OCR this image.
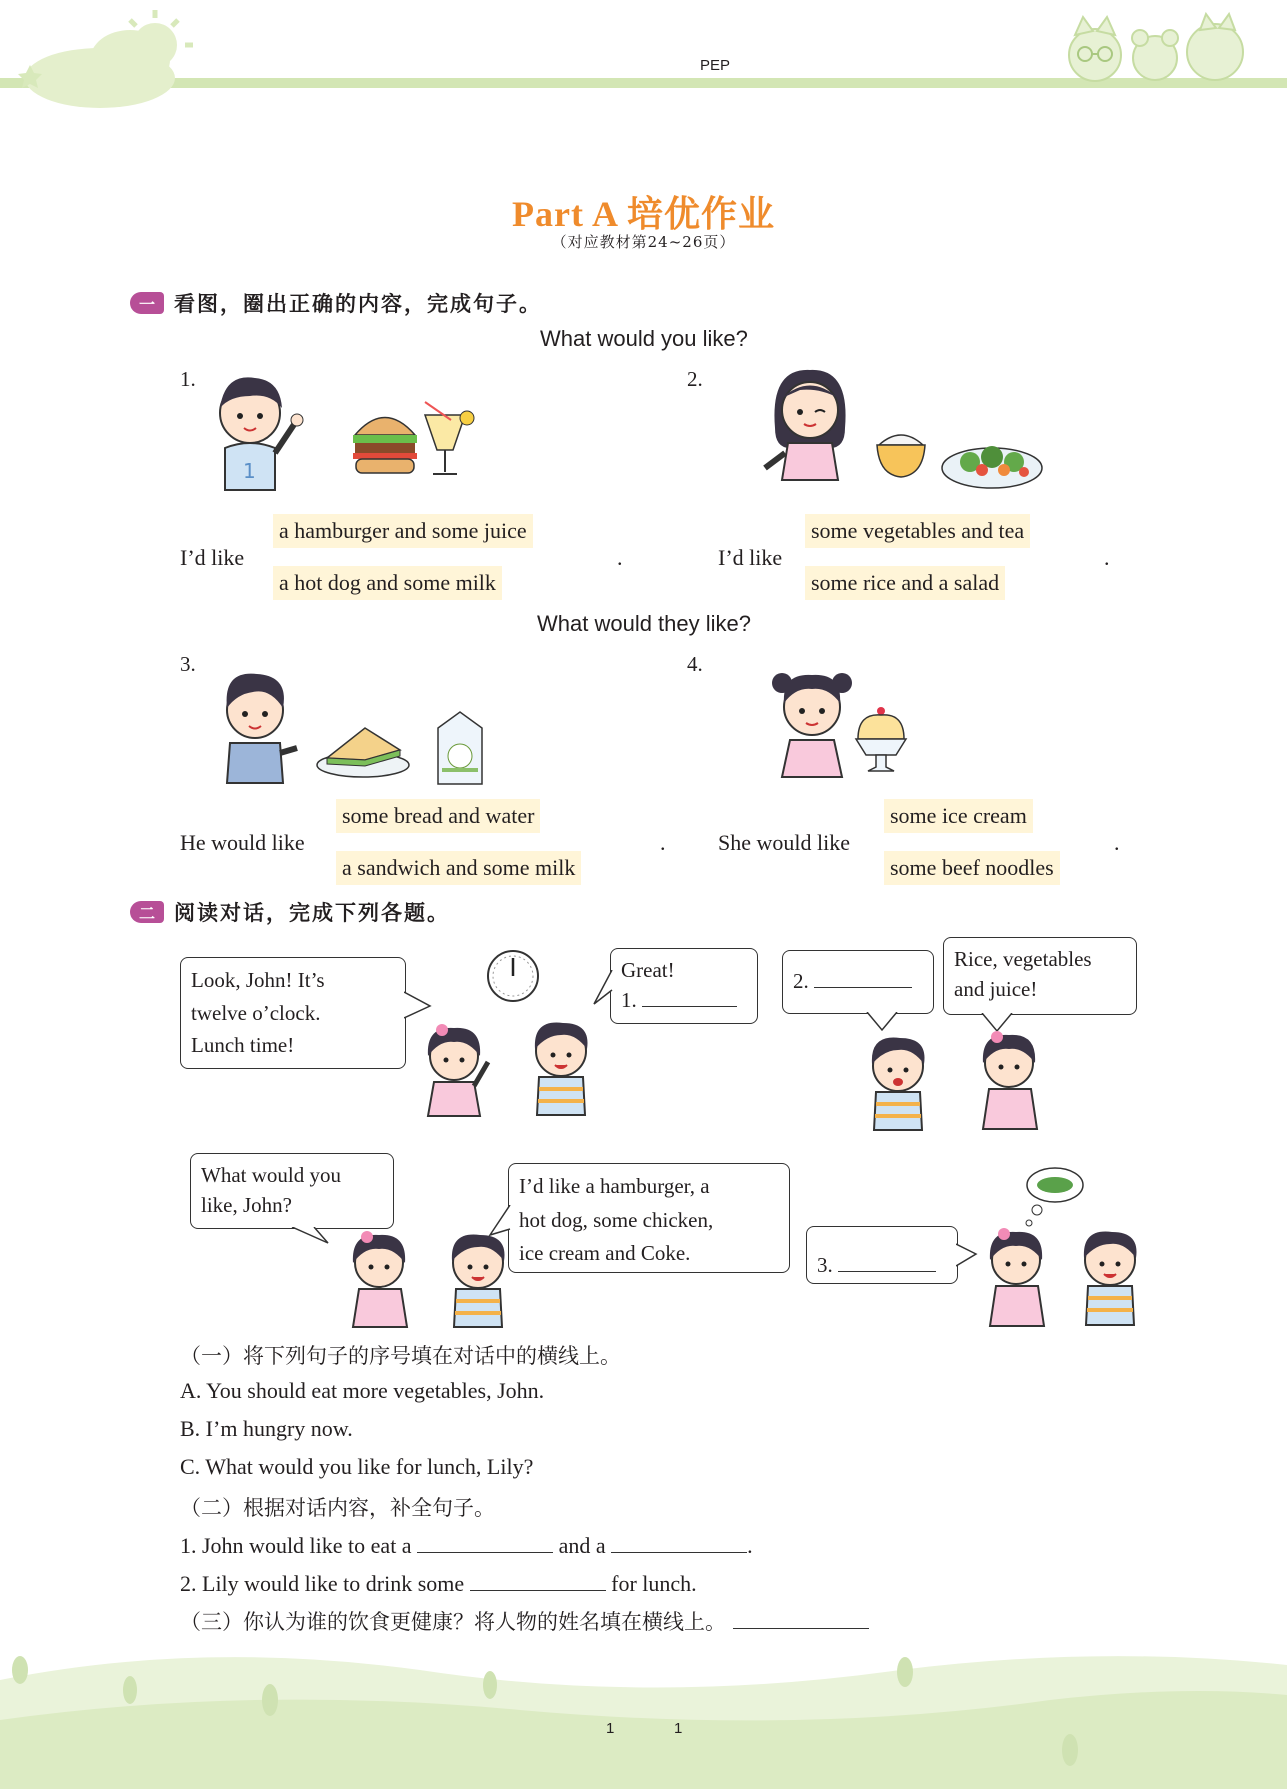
PEP
Part A 培优作业
（对应教材第24~26页）
一 看图，圈出正确的内容，完成句子。
What would you like?
1.
1
I’d like
a hamburger and some juice
a hot dog and some milk
.
2.
I’d like
some vegetables and tea
some rice and a salad
.
What would they like?
3.
He would like
some bread and water
a sandwich and some milk
.
4.
She would like
some ice cream
some beef noodles
.
二 阅读对话，完成下列各题。
Look, John! It’s
twelve o’clock.
Lunch time!
Great!
1.
2.
Rice, vegetables
and juice!
What would you
like, John?
I’d like a hamburger, a
hot dog, some chicken,
ice cream and Coke.	3.
（一）将下列句子的序号填在对话中的横线上。
A. You should eat more vegetables, John.
B. I’m hungry now.
C. What would you like for lunch, Lily?
（二）根据对话内容，补全句子。
1. John would like to eat a	and a	.
2. Lily would like to drink some	for lunch.
（三）你认为谁的饮食更健康？将人物的姓名填在横线上。
1	1
